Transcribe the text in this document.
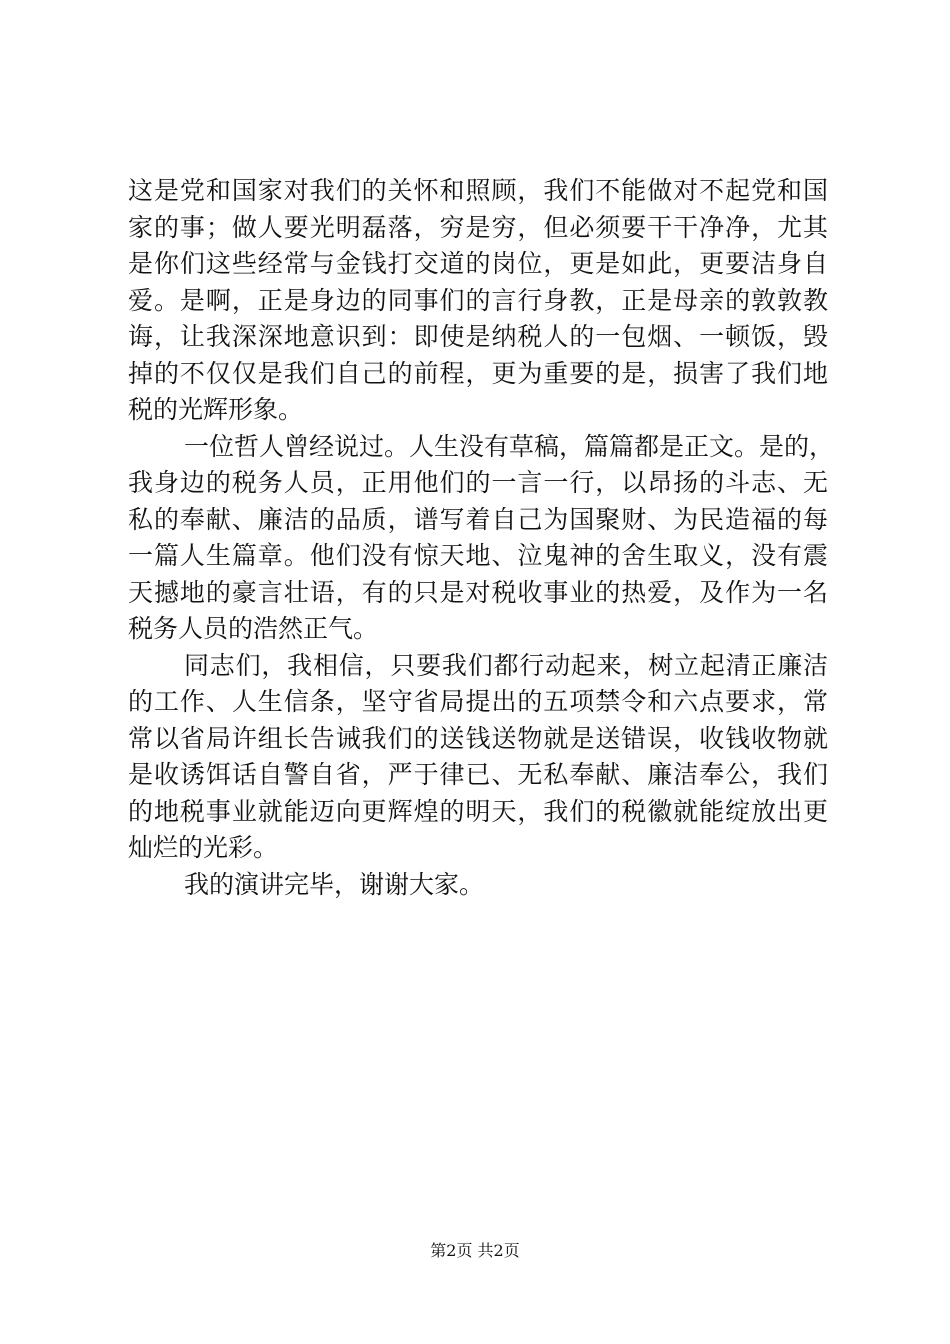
这是党和国家对我们的关怀和照顾，我们不能做对不起党和国
家的事；做人要光明磊落，穷是穷，但必须要干干净净，尤其
是你们这些经常与金钱打交道的岗位，更是如此，更要洁身自
爱。是啊，正是身边的同事们的言行身教，正是母亲的敦敦教
诲，让我深深地意识到：即使是纳税人的一包烟、一顿饭，毁
掉的不仅仅是我们自己的前程，更为重要的是，损害了我们地
税的光辉形象。
一位哲人曾经说过。人生没有草稿，篇篇都是正文。是的，
我身边的税务人员，正用他们的一言一行，以昂扬的斗志、无
私的奉献、廉洁的品质，谱写着自己为国聚财、为民造福的每
一篇人生篇章。他们没有惊天地、泣鬼神的舍生取义，没有震
天撼地的豪言壮语，有的只是对税收事业的热爱，及作为一名
税务人员的浩然正气。
同志们，我相信，只要我们都行动起来，树立起清正廉洁
的工作、人生信条，坚守省局提出的五项禁令和六点要求，常
常以省局许组长告诫我们的送钱送物就是送错误，收钱收物就
是收诱饵话自警自省，严于律已、无私奉献、廉洁奉公，我们
的地税事业就能迈向更辉煌的明天，我们的税徽就能绽放出更
灿烂的光彩。
我的演讲完毕，谢谢大家。
第2页 共2页
